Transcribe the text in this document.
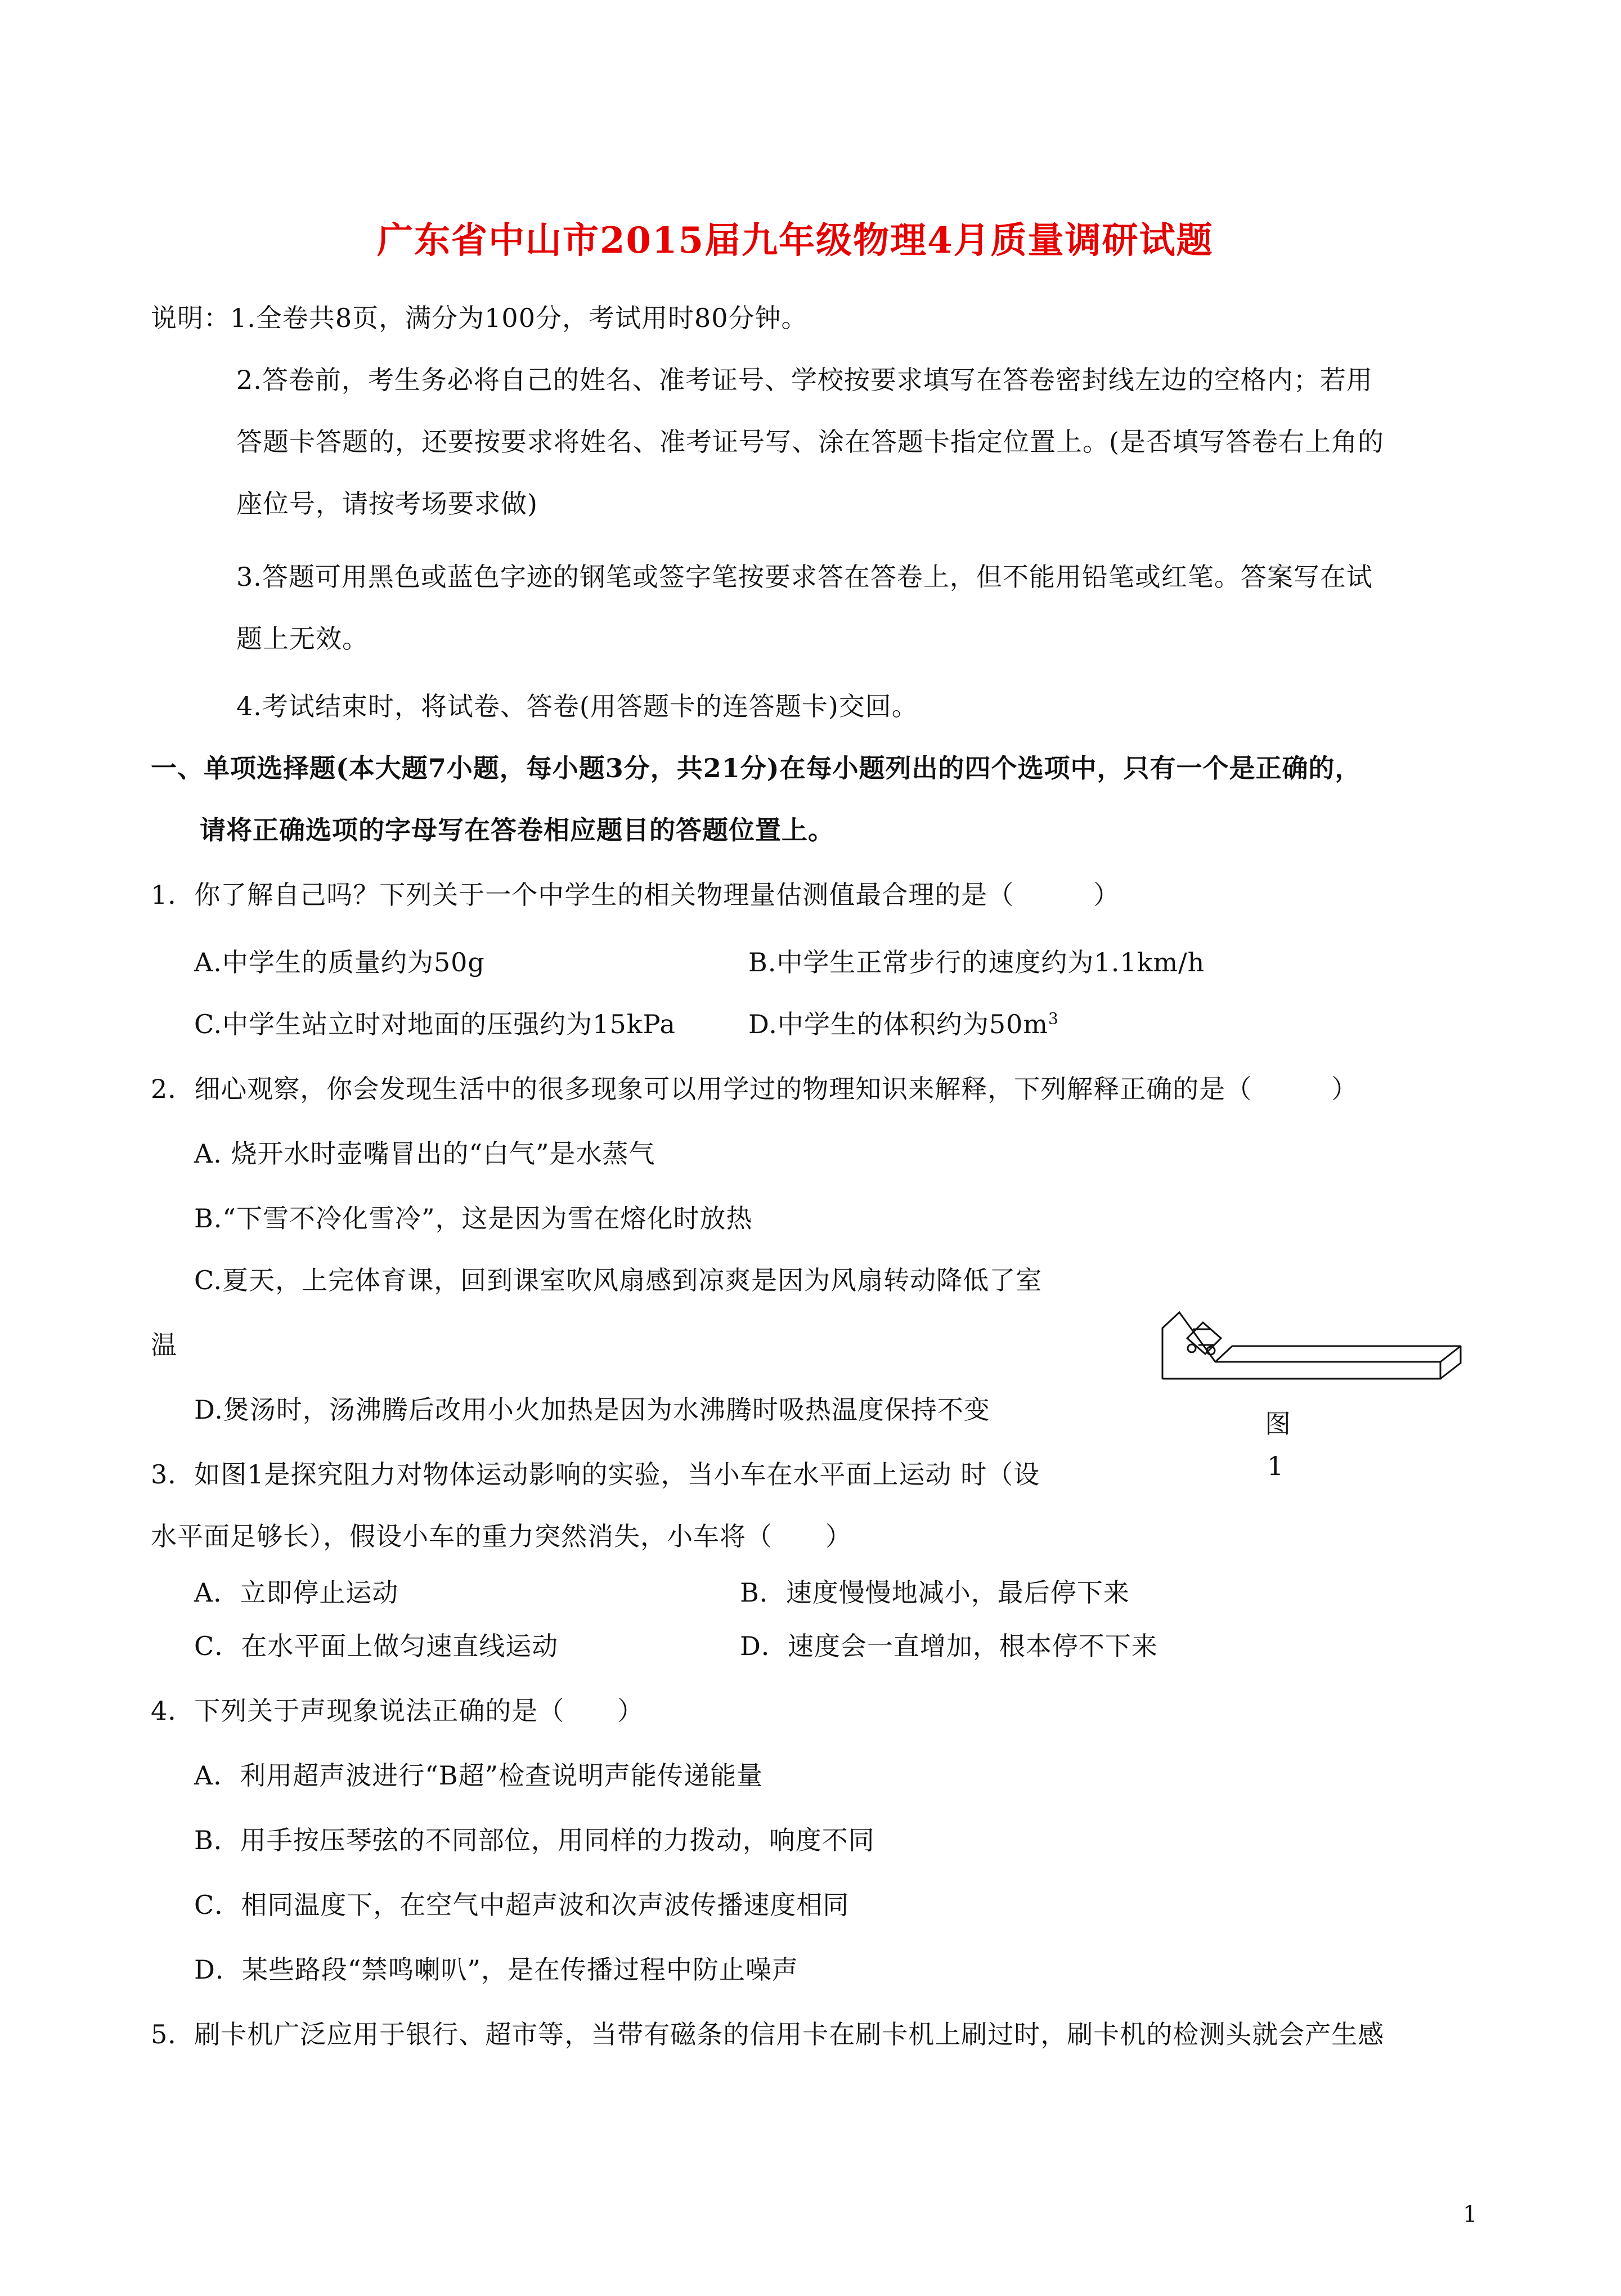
广东省中山市2015届九年级物理4月质量调研试题
说明：1.全卷共8页，满分为100分，考试用时80分钟。
2.答卷前，考生务必将自己的姓名、准考证号、学校按要求填写在答卷密封线左边的空格内；若用
答题卡答题的，还要按要求将姓名、准考证号写、涂在答题卡指定位置上。(是否填写答卷右上角的
座位号，请按考场要求做)
3.答题可用黑色或蓝色字迹的钢笔或签字笔按要求答在答卷上，但不能用铅笔或红笔。答案写在试
题上无效。
4.考试结束时，将试卷、答卷(用答题卡的连答题卡)交回。
一、单项选择题(本大题7小题，每小题3分，共21分)在每小题列出的四个选项中，只有一个是正确的，
请将正确选项的字母写在答卷相应题目的答题位置上。
1．你了解自己吗？下列关于一个中学生的相关物理量估测值最合理的是（　　　）
A.中学生的质量约为50g	B.中学生正常步行的速度约为1.1km/h
C.中学生站立时对地面的压强约为15kPa	D.中学生的体积约为$50m^3$
2．细心观察，你会发现生活中的很多现象可以用学过的物理知识来解释，下列解释正确的是（　　　）
A. 烧开水时壶嘴冒出的“白气”是水蒸气
B.“下雪不冷化雪冷”，这是因为雪在熔化时放热
C.夏天，上完体育课，回到课室吹风扇感到凉爽是因为风扇转动降低了室
温
D.煲汤时，汤沸腾后改用小火加热是因为水沸腾时吸热温度保持不变	图
1
3．如图1是探究阻力对物体运动影响的实验，当小车在水平面上运动 时（设
水平面足够长），假设小车的重力突然消失，小车将（　　）
A．立即停止运动	B．速度慢慢地减小，最后停下来
C．在水平面上做匀速直线运动	D．速度会一直增加，根本停不下来
4．下列关于声现象说法正确的是（　　）
A．利用超声波进行“B超”检查说明声能传递能量
B．用手按压琴弦的不同部位，用同样的力拨动，响度不同
C．相同温度下，在空气中超声波和次声波传播速度相同
D．某些路段“禁鸣喇叭”，是在传播过程中防止噪声
5．刷卡机广泛应用于银行、超市等，当带有磁条的信用卡在刷卡机上刷过时，刷卡机的检测头就会产生感
1
